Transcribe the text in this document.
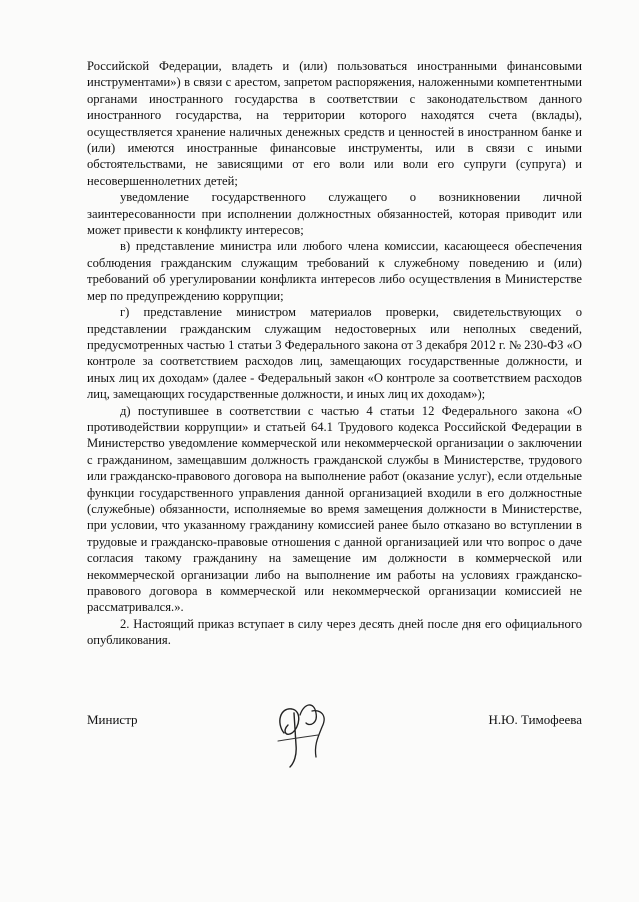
Российской Федерации, владеть и (или) пользоваться иностранными финансовыми инструментами») в связи с арестом, запретом распоряжения, наложенными компетентными органами иностранного государства в соответствии с законодательством данного иностранного государства, на территории которого находятся счета (вклады), осуществляется хранение наличных денежных средств и ценностей в иностранном банке и (или) имеются иностранные финансовые инструменты, или в связи с иными обстоятельствами, не зависящими от его воли или воли его супруги (супруга) и несовершеннолетних детей;

уведомление государственного служащего о возникновении личной заинтересованности при исполнении должностных обязанностей, которая приводит или может привести к конфликту интересов;

в) представление министра или любого члена комиссии, касающееся обеспечения соблюдения гражданским служащим требований к служебному поведению и (или) требований об урегулировании конфликта интересов либо осуществления в Министерстве мер по предупреждению коррупции;

г) представление министром материалов проверки, свидетельствующих о представлении гражданским служащим недостоверных или неполных сведений, предусмотренных частью 1 статьи 3 Федерального закона от 3 декабря 2012 г. № 230-ФЗ «О контроле за соответствием расходов лиц, замещающих государственные должности, и иных лиц их доходам» (далее - Федеральный закон «О контроле за соответствием расходов лиц, замещающих государственные должности, и иных лиц их доходам»);

д) поступившее в соответствии с частью 4 статьи 12 Федерального закона «О противодействии коррупции» и статьей 64.1 Трудового кодекса Российской Федерации в Министерство уведомление коммерческой или некоммерческой организации о заключении с гражданином, замещавшим должность гражданской службы в Министерстве, трудового или гражданско-правового договора на выполнение работ (оказание услуг), если отдельные функции государственного управления данной организацией входили в его должностные (служебные) обязанности, исполняемые во время замещения должности в Министерстве, при условии, что указанному гражданину комиссией ранее было отказано во вступлении в трудовые и гражданско-правовые отношения с данной организацией или что вопрос о даче согласия такому гражданину на замещение им должности в коммерческой или некоммерческой организации либо на выполнение им работы на условиях гражданско-правового договора в коммерческой или некоммерческой организации комиссией не рассматривался.».

2. Настоящий приказ вступает в силу через десять дней после дня его официального опубликования.

Министр	Н.Ю. Тимофеева
